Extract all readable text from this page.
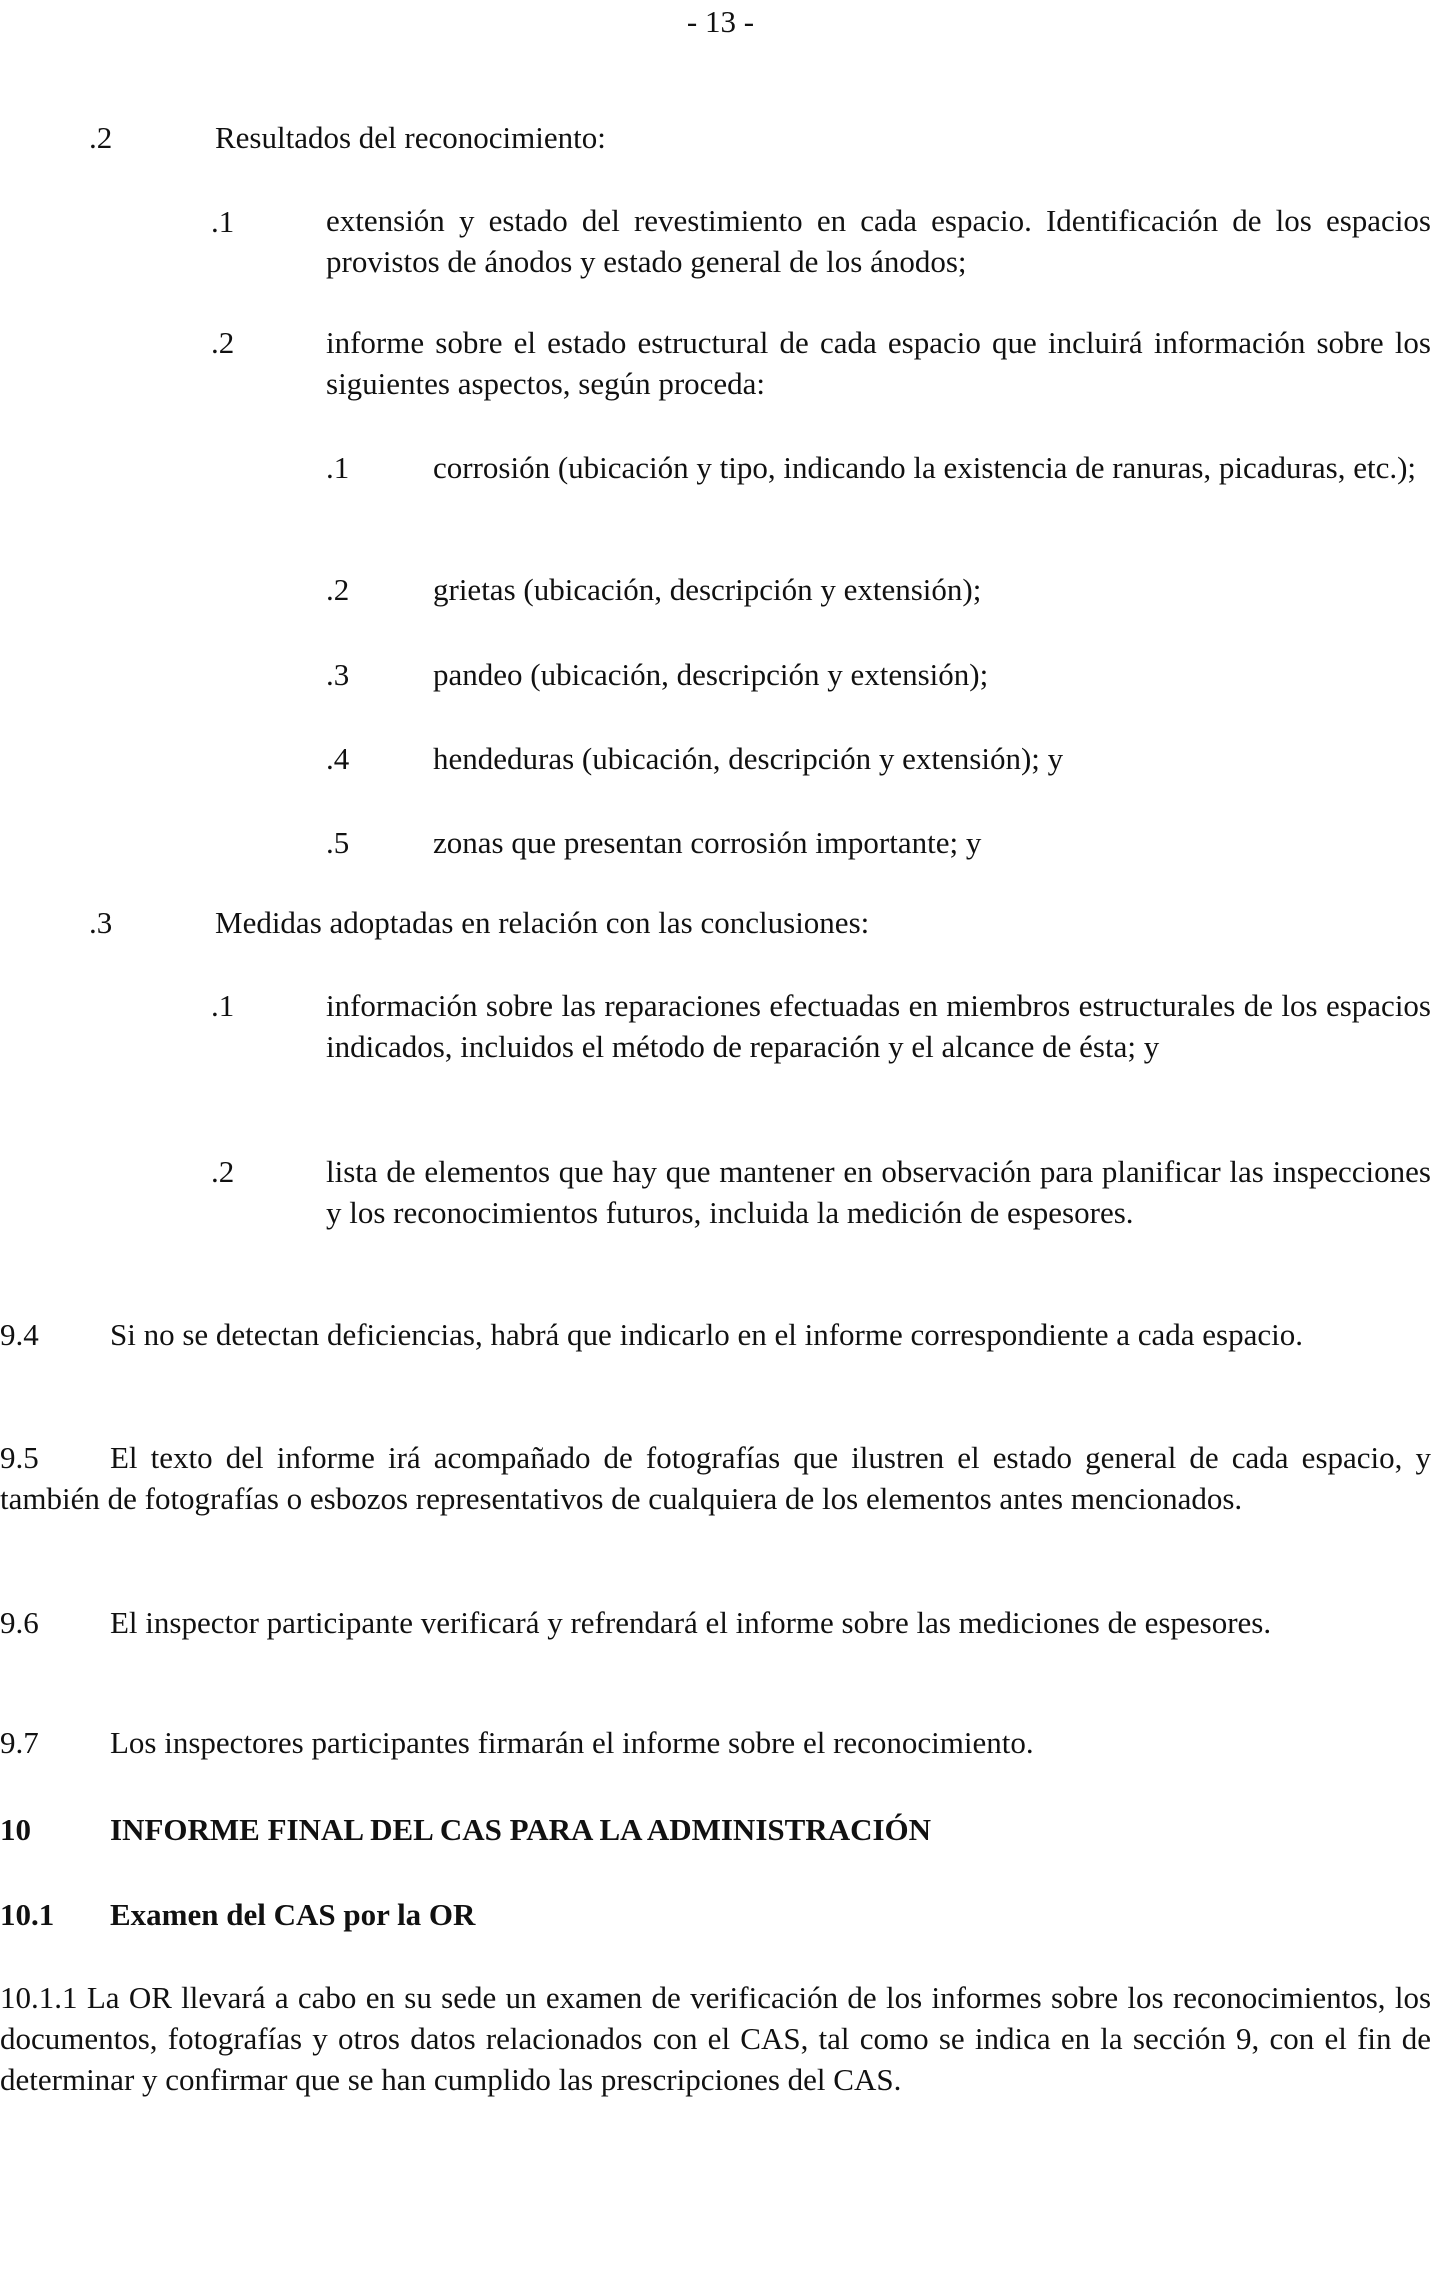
- 13 -
.2	Resultados del reconocimiento:
.1	extensión y estado del revestimiento en cada espacio. Identificación de los espacios provistos de ánodos y estado general de los ánodos;
.2	informe sobre el estado estructural de cada espacio que incluirá información sobre los siguientes aspectos, según proceda:
.1	corrosión (ubicación y tipo, indicando la existencia de ranuras, picaduras, etc.);
.2	grietas (ubicación, descripción y extensión);
.3	pandeo (ubicación, descripción y extensión);
.4	hendeduras (ubicación, descripción y extensión); y
.5	zonas que presentan corrosión importante; y
.3	Medidas adoptadas en relación con las conclusiones:
.1	información sobre las reparaciones efectuadas en miembros estructurales de los espacios indicados, incluidos el método de reparación y el alcance de ésta; y
.2	lista de elementos que hay que mantener en observación para planificar las inspecciones y los reconocimientos futuros, incluida la medición de espesores.
9.4 Si no se detectan deficiencias, habrá que indicarlo en el informe correspondiente a cada espacio.
9.5 El texto del informe irá acompañado de fotografías que ilustren el estado general de cada espacio, y también de fotografías o esbozos representativos de cualquiera de los elementos antes mencionados.
9.6 El inspector participante verificará y refrendará el informe sobre las mediciones de espesores.
9.7 Los inspectores participantes firmarán el informe sobre el reconocimiento.
10	INFORME FINAL DEL CAS PARA LA ADMINISTRACIÓN
10.1 Examen del CAS por la OR
10.1.1 La OR llevará a cabo en su sede un examen de verificación de los informes sobre los reconocimientos, los documentos, fotografías y otros datos relacionados con el CAS, tal como se indica en la sección 9, con el fin de determinar y confirmar que se han cumplido las prescripciones del CAS.
